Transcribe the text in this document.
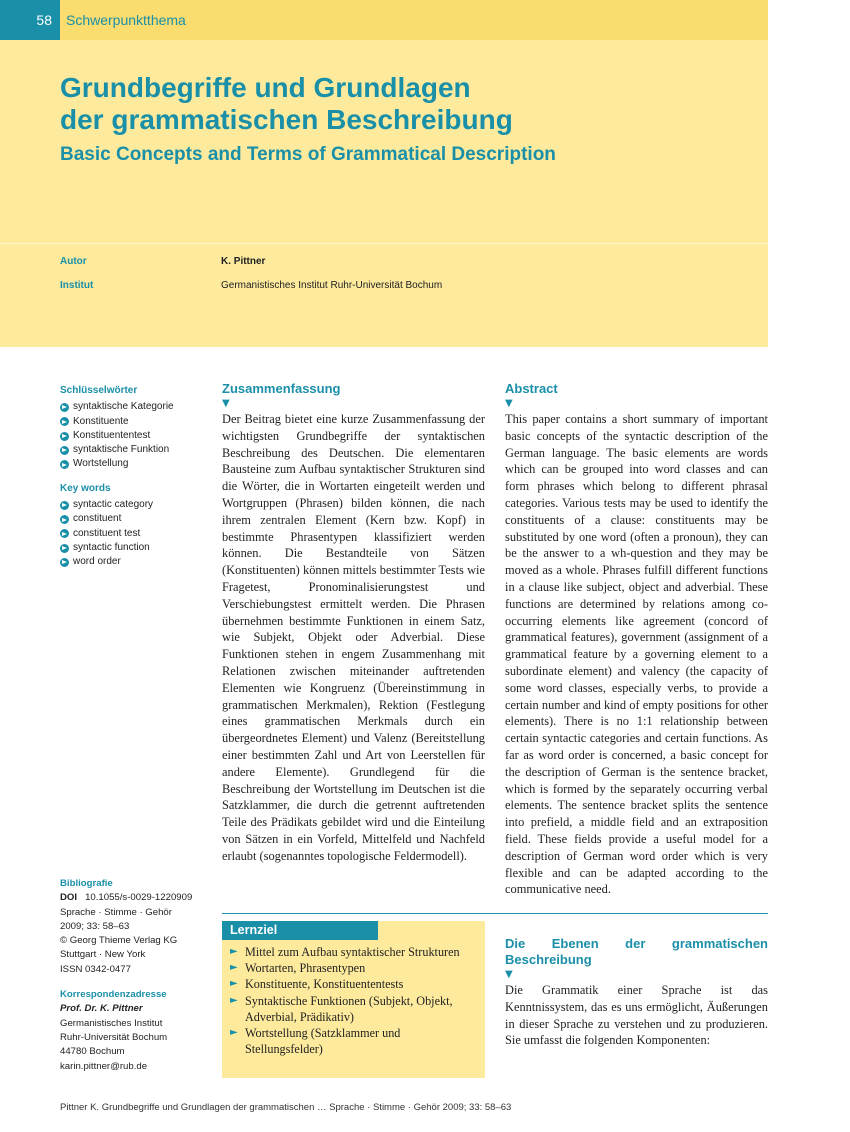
58	Schwerpunktthema
Grundbegriffe und Grundlagen
der grammatischen Beschreibung
Basic Concepts and Terms of Grammatical Description
Autor	K. Pittner
Institut	Germanistisches Institut Ruhr-Universität Bochum
Schlüsselwörter
syntaktische Kategorie
Konstituente
Konstituententest
syntaktische Funktion
Wortstellung
Key words
syntactic category
constituent
constituent test
syntactic function
word order
Bibliografie
DOI 10.1055/s-0029-1220909
Sprache · Stimme · Gehör
2009; 33: 58–63
© Georg Thieme Verlag KG
Stuttgart · New York
ISSN 0342-0477
Korrespondenzadresse
Prof. Dr. K. Pittner
Germanistisches Institut
Ruhr-Universität Bochum
44780 Bochum
karin.pittner@rub.de
Zusammenfassung
▼

Der Beitrag bietet eine kurze Zusammenfassung der wichtigsten Grundbegriffe der syntaktischen Beschreibung des Deutschen. Die elementaren Bausteine zum Aufbau syntaktischer Strukturen sind die Wörter, die in Wortarten eingeteilt werden und Wortgruppen (Phrasen) bilden können, die nach ihrem zentralen Element (Kern bzw. Kopf) in bestimmte Phrasentypen klassifiziert werden können. Die Bestandteile von Sätzen (Konstituenten) können mittels bestimmter Tests wie Fragetest, Pronominalisierungstest und Verschiebungstest ermittelt werden. Die Phrasen übernehmen bestimmte Funktionen in einem Satz, wie Subjekt, Objekt oder Adverbial. Diese Funktionen stehen in engem Zusammenhang mit Relationen zwischen miteinander auftretenden Elementen wie Kongruenz (Übereinstimmung in grammatischen Merkmalen), Rektion (Festlegung eines grammatischen Merkmals durch ein übergeordnetes Element) und Valenz (Bereitstellung einer bestimmten Zahl und Art von Leerstellen für andere Elemente). Grundlegend für die Beschreibung der Wortstellung im Deutschen ist die Satzklammer, die durch die getrennt auftretenden Teile des Prädikats gebildet wird und die Einteilung von Sätzen in ein Vorfeld, Mittelfeld und Nachfeld erlaubt (sogenanntes topologische Feldermodell).

Abstract
▼

This paper contains a short summary of important basic concepts of the syntactic description of the German language. The basic elements are words which can be grouped into word classes and can form phrases which belong to different phrasal categories. Various tests may be used to identify the constituents of a clause: constituents may be substituted by one word (often a pronoun), they can be the answer to a wh-question and they may be moved as a whole. Phrases fulfill different functions in a clause like subject, object and adverbial. These functions are determined by relations among co-occurring elements like agreement (concord of grammatical features), government (assignment of a grammatical feature by a governing element to a subordinate element) and valency (the capacity of some word classes, especially verbs, to provide a certain number and kind of empty positions for other elements). There is no 1:1 relationship between certain syntactic categories and certain functions. As far as word order is concerned, a basic concept for the description of German is the sentence bracket, which is formed by the separately occurring verbal elements. The sentence bracket splits the sentence into prefield, a middle field and an extraposition field. These fields provide a useful model for a description of German word order which is very flexible and can be adapted according to the communicative need.

Lernziel
► Mittel zum Aufbau syntaktischer Strukturen
► Wortarten, Phrasentypen
► Konstituente, Konstituententests
► Syntaktische Funktionen (Subjekt, Objekt, Adverbial, Prädikativ)
► Wortstellung (Satzklammer und Stellungsfelder)
Die Ebenen der grammatischen Beschreibung
▼

Die Grammatik einer Sprache ist das Kenntnissystem, das es uns ermöglicht, Äußerungen in dieser Sprache zu verstehen und zu produzieren. Sie umfasst die folgenden Komponenten:

Pittner K. Grundbegriffe und Grundlagen der grammatischen … Sprache · Stimme · Gehör 2009; 33: 58–63
